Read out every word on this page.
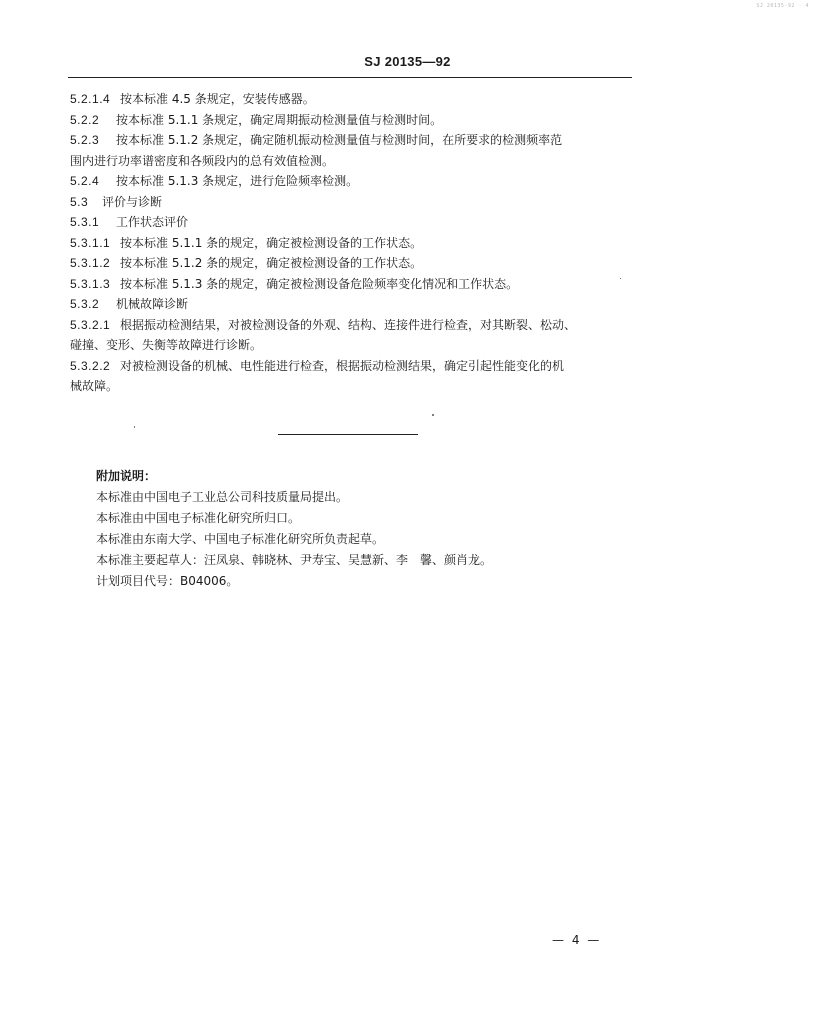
SJ 20135-92 · 4
SJ 20135—92
5.2.1.4 按本标准 4.5 条规定，安装传感器。
5.2.2 按本标准 5.1.1 条规定，确定周期振动检测量值与检测时间。
5.2.3 按本标准 5.1.2 条规定，确定随机振动检测量值与检测时间，在所要求的检测频率范
围内进行功率谱密度和各频段内的总有效值检测。
5.2.4 按本标准 5.1.3 条规定，进行危险频率检测。
5.3 评价与诊断
5.3.1 工作状态评价
5.3.1.1 按本标准 5.1.1 条的规定，确定被检测设备的工作状态。
5.3.1.2 按本标准 5.1.2 条的规定，确定被检测设备的工作状态。
5.3.1.3 按本标准 5.1.3 条的规定，确定被检测设备危险频率变化情况和工作状态。
5.3.2 机械故障诊断
5.3.2.1 根据振动检测结果，对被检测设备的外观、结构、连接件进行检查，对其断裂、松动、
碰撞、变形、失衡等故障进行诊断。
5.3.2.2 对被检测设备的机械、电性能进行检查，根据振动检测结果，确定引起性能变化的机
械故障。
附加说明：
本标准由中国电子工业总公司科技质量局提出。
本标准由中国电子标准化研究所归口。
本标准由东南大学、中国电子标准化研究所负责起草。
本标准主要起草人：汪凤泉、韩晓林、尹寿宝、吴慧新、李　馨、颜肖龙。
计划项目代号：B04006。
— 4 —
